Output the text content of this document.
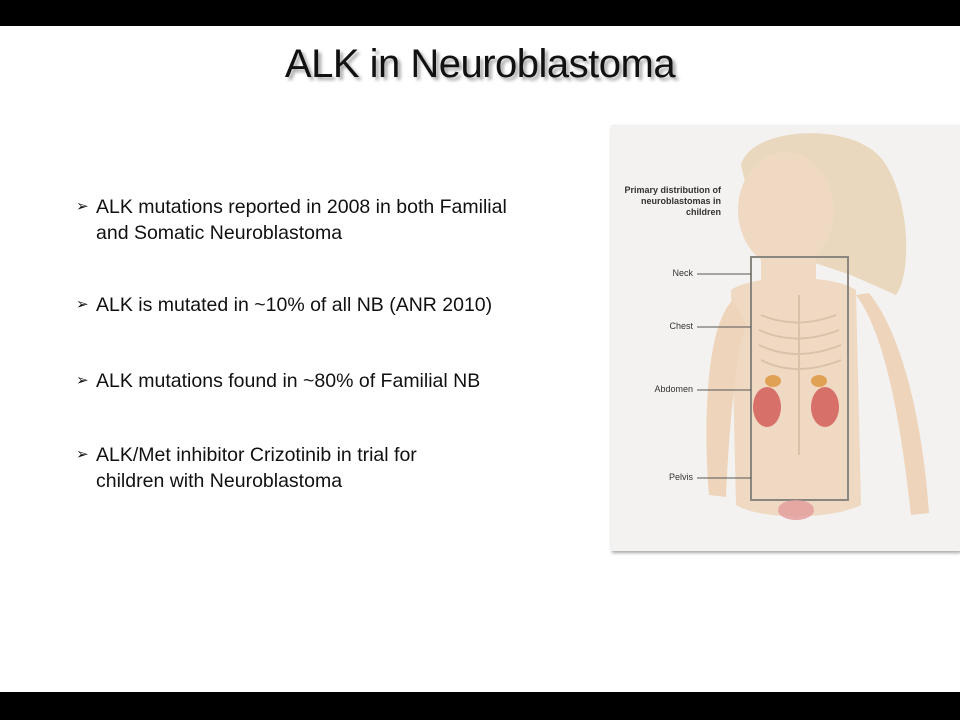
ALK in Neuroblastoma
➢ ALK mutations reported in 2008 in both Familial
and Somatic Neuroblastoma
➢ ALK is mutated in ~10% of all NB (ANR 2010)
➢ ALK mutations found in ~80% of Familial NB
➢ ALK/Met inhibitor Crizotinib in trial for
children with Neuroblastoma
Primary distribution of neuroblastomas in children
Neck
Chest
Abdomen
Pelvis
